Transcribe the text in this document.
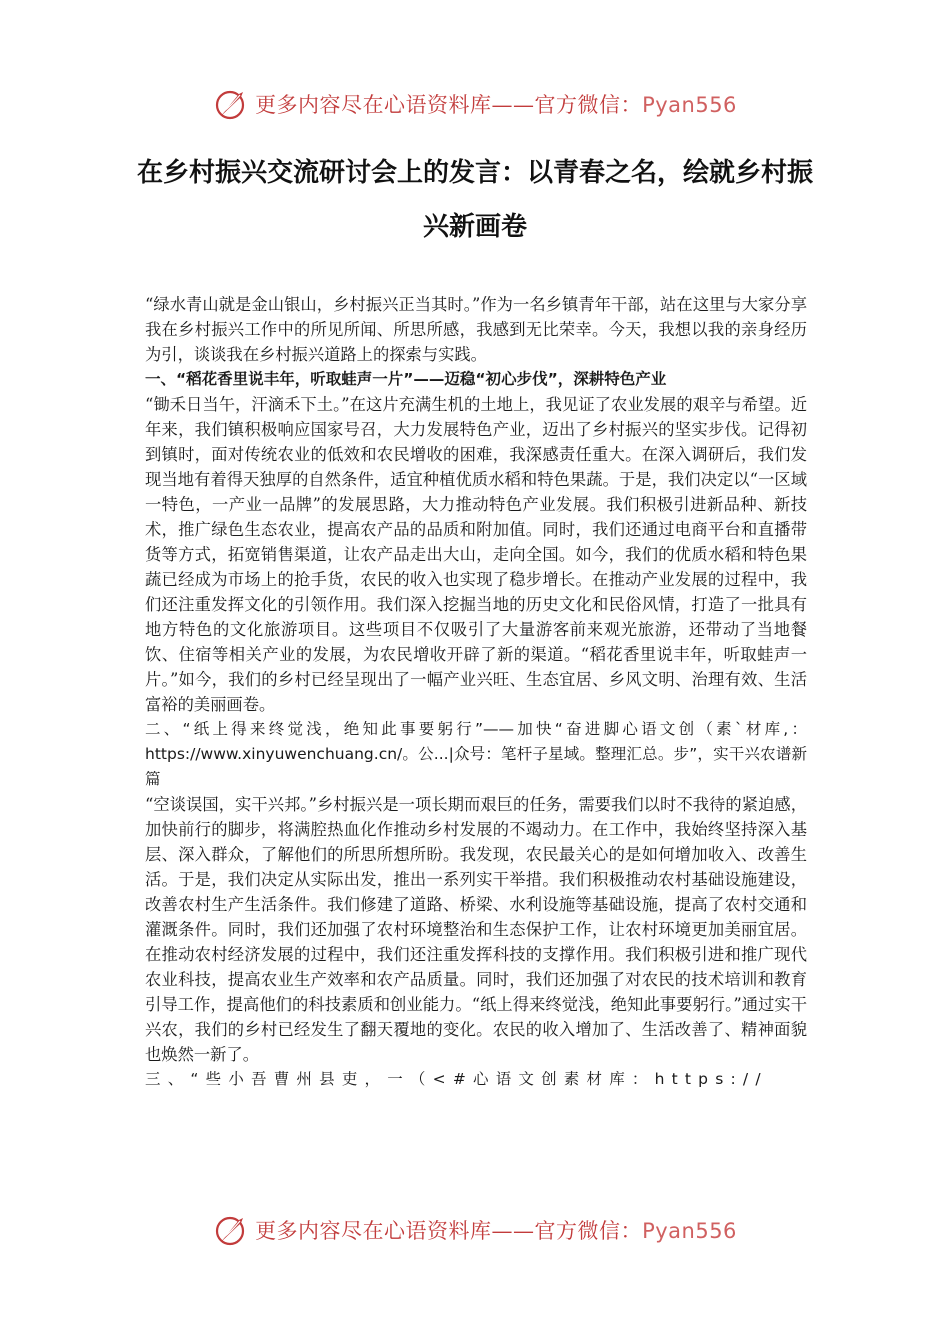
更多内容尽在心语资料库——官方微信：Pyan556
在乡村振兴交流研讨会上的发言：以青春之名，绘就乡村振兴新画卷

“绿水青山就是金山银山，乡村振兴正当其时。”作为一名乡镇青年干部，站在这里与大家分享我在乡村振兴工作中的所见所闻、所思所感，我感到无比荣幸。今天，我想以我的亲身经历为引，谈谈我在乡村振兴道路上的探索与实践。

一、“稻花香里说丰年，听取蛙声一片”——迈稳“初心步伐”，深耕特色产业

“锄禾日当午，汗滴禾下土。”在这片充满生机的土地上，我见证了农业发展的艰辛与希望。近年来，我们镇积极响应国家号召，大力发展特色产业，迈出了乡村振兴的坚实步伐。记得初到镇时，面对传统农业的低效和农民增收的困难，我深感责任重大。在深入调研后，我们发现当地有着得天独厚的自然条件，适宜种植优质水稻和特色果蔬。于是，我们决定以“一区域一特色，一产业一品牌”的发展思路，大力推动特色产业发展。我们积极引进新品种、新技术，推广绿色生态农业，提高农产品的品质和附加值。同时，我们还通过电商平台和直播带货等方式，拓宽销售渠道，让农产品走出大山，走向全国。如今，我们的优质水稻和特色果蔬已经成为市场上的抢手货，农民的收入也实现了稳步增长。在推动产业发展的过程中，我们还注重发挥文化的引领作用。我们深入挖掘当地的历史文化和民俗风情，打造了一批具有地方特色的文化旅游项目。这些项目不仅吸引了大量游客前来观光旅游，还带动了当地餐饮、住宿等相关产业的发展，为农民增收开辟了新的渠道。“稻花香里说丰年，听取蛙声一片。”如今，我们的乡村已经呈现出了一幅产业兴旺、生态宜居、乡风文明、治理有效、生活富裕的美丽画卷。

二、“纸上得来终觉浅，绝知此事要躬行”——加快“奋进脚心语文创（素`材库,：https://www.xinyuwenchuang.cn/。公...|众号：笔杆子星域。整理汇总。步”，实干兴农谱新篇

“空谈误国，实干兴邦。”乡村振兴是一项长期而艰巨的任务，需要我们以时不我待的紧迫感，加快前行的脚步，将满腔热血化作推动乡村发展的不竭动力。在工作中，我始终坚持深入基层、深入群众，了解他们的所思所想所盼。我发现，农民最关心的是如何增加收入、改善生活。于是，我们决定从实际出发，推出一系列实干举措。我们积极推动农村基础设施建设，改善农村生产生活条件。我们修建了道路、桥梁、水利设施等基础设施，提高了农村交通和灌溉条件。同时，我们还加强了农村环境整治和生态保护工作，让农村环境更加美丽宜居。在推动农村经济发展的过程中，我们还注重发挥科技的支撑作用。我们积极引进和推广现代农业科技，提高农业生产效率和农产品质量。同时，我们还加强了对农民的技术培训和教育引导工作，提高他们的科技素质和创业能力。“纸上得来终觉浅，绝知此事要躬行。”通过实干兴农，我们的乡村已经发生了翻天覆地的变化。农民的收入增加了、生活改善了、精神面貌也焕然一新了。

三、“些小吾曹州县吏，一（<#心语文创素材库：https://

更多内容尽在心语资料库——官方微信：Pyan556
